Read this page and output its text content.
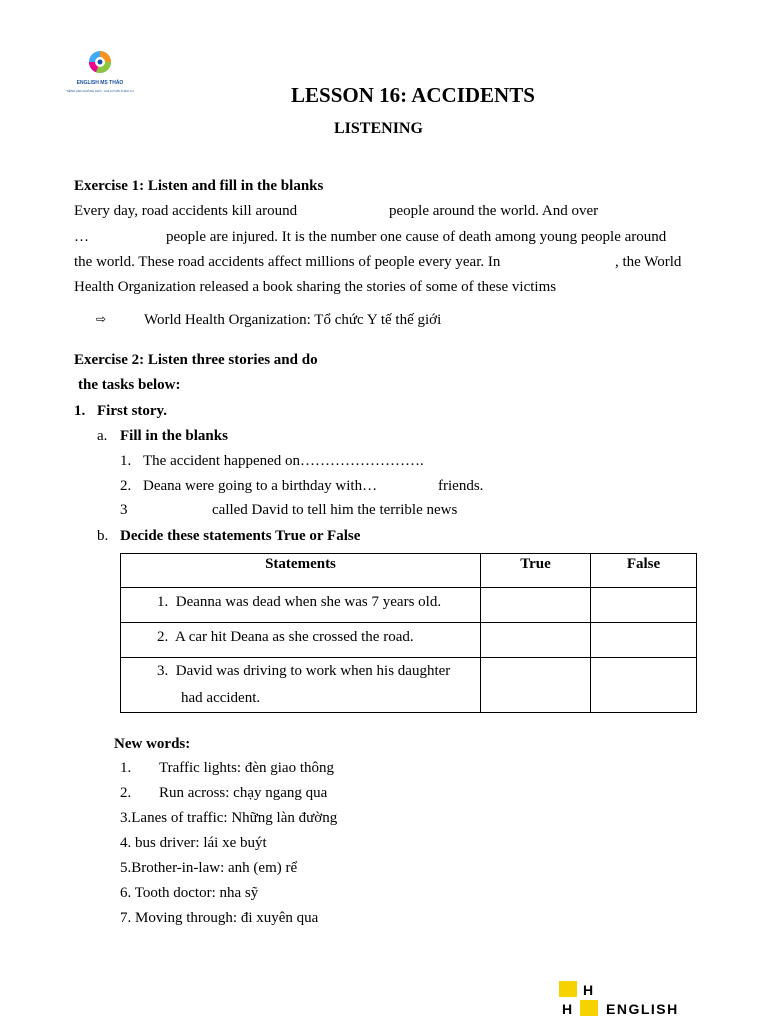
ENGLISH MS THẢO
TIẾNG ANH KHÔNG KHÓ - KHI CÓ MS THẢO LO	LESSON 16: ACCIDENTS
LISTENING
Exercise 1: Listen and fill in the blanks
Every day, road accidents kill around	people around the world. And over
…	people are injured. It is the number one cause of death among young people around
the world. These road accidents affect millions of people every year. In	, the World
Health Organization released a book sharing the stories of some of these victims
⇨	World Health Organization: Tổ chức Y tế thế giới
Exercise 2: Listen three stories and do
the tasks below:
1. First story.
a. Fill in the blanks
1. The accident happened on…………………….
2. Deana were going to a birthday with…	friends.
3	called David to tell him the terrible news
b. Decide these statements True or False
Statements	True	False
1. Deanna was dead when she was 7 years old.		
2. A car hit Deana as she crossed the road.		
3. David was driving to work when his daughter
had accident.		
New words:
1. Traffic lights: đèn giao thông
2. Run across: chạy ngang qua
3.Lanes of traffic: Những làn đường
4. bus driver: lái xe buýt
5.Brother-in-law: anh (em) rể
6. Tooth doctor: nha sỹ
7. Moving through: đi xuyên qua
H
H ENGLISH
